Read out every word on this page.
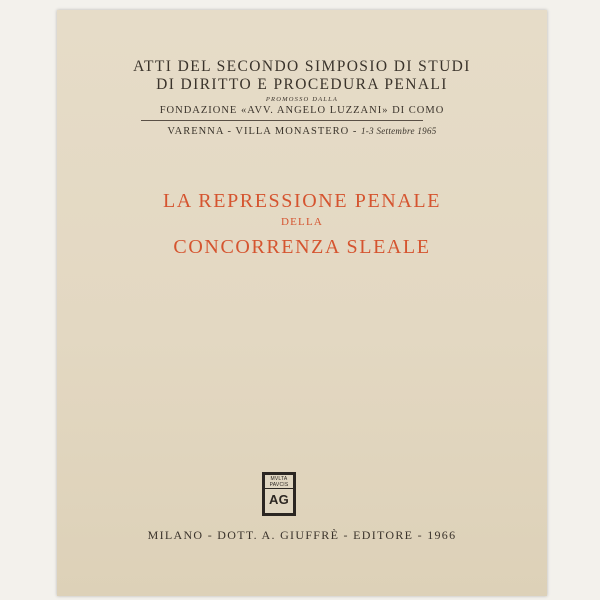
ATTI DEL SECONDO SIMPOSIO DI STUDI
DI DIRITTO E PROCEDURA PENALI
PROMOSSO DALLA
FONDAZIONE «AVV. ANGELO LUZZANI» DI COMO
VARENNA - VILLA MONASTERO - 1-3 Settembre 1965
LA REPRESSIONE PENALE
DELLA
CONCORRENZA SLEALE
MVLTA
PAVCIS
AG
MILANO - DOTT. A. GIUFFRÈ - EDITORE - 1966
